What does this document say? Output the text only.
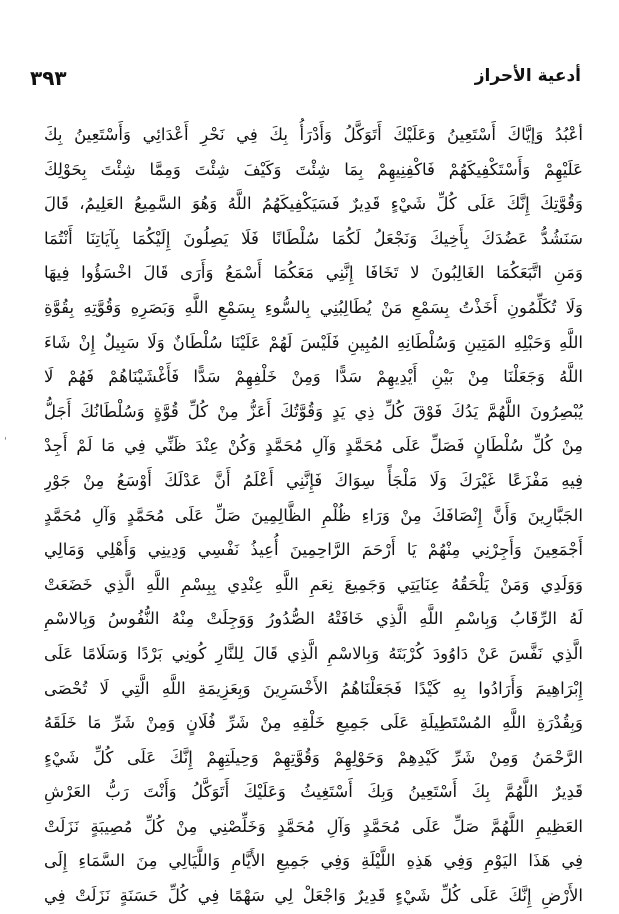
٣٩٣	أدعية الأحراز
'
أعْبُدُ وَإيَّاكَ أَسْتَعِينُ وَعَلَيْكَ أَتَوَكَّلُ وَأَدْرَأُ بِكَ فِي نَحْرِ أَعْدَائِي وَأَسْتَعِينُ بِكَ
عَلَيْهِمْ وَأَسْتَكْفِيكَهُمْ فَاكْفِنِيهِمْ بِمَا شِئْتَ وَكَيْفَ شِئْتَ وَمِمَّا شِئْتَ بِحَوْلِكَ
وَقُوَّتِكَ إِنَّكَ عَلَى كُلِّ شَيْءٍ قَدِيرٌ فَسَيَكْفِيكَهُمُ اللَّهُ وَهُوَ السَّمِيعُ العَلِيمُ، قَالَ
سَنَشُدُّ عَضُدَكَ بِأَخِيكَ وَنَجْعَلُ لَكُمَا سُلْطَانًا فَلَا يَصِلُونَ إِلَيْكُمَا بِآيَاتِنَا أَنْتُمَا
وَمَنِ اتَّبَعَكُمَا الغَالِبُونَ لا تَخَافَا إِنَّنِي مَعَكُمَا أَسْمَعُ وَأَرَى قَالَ اخْسَؤُوا فِيهَا
وَلَا تُكَلِّمُونِ أَخَذْتُ بِسَمْعِ مَنْ يُطَالِبُنِي بِالسُّوءِ بِسَمْعِ اللَّهِ وَبَصَرِهِ وَقُوَّتِهِ بِقُوَّةِ
اللَّهِ وَحَبْلِهِ المَتِينِ وَسُلْطَانِهِ المُبِينِ فَلَيْسَ لَهُمْ عَلَيْنَا سُلْطَانٌ وَلَا سَبِيلٌ إِنْ شَاءَ
اللَّهُ وَجَعَلْنَا مِنْ بَيْنِ أَيْدِيهِمْ سَدًّا وَمِنْ خَلْفِهِمْ سَدًّا فَأَغْشَيْنَاهُمْ فَهُمْ لَا
يُبْصِرُونَ اللَّهُمَّ يَدُكَ فَوْقَ كُلِّ ذِي يَدٍ وَقُوَّتُكَ أَعَزُّ مِنْ كُلِّ قُوَّةٍ وَسُلْطَانُكَ أَجَلُّ
مِنْ كُلِّ سُلْطَانٍ فَصَلِّ عَلَى مُحَمَّدٍ وَآلِ مُحَمَّدٍ وَكُنْ عِنْدَ ظَنِّي فِي مَا لَمْ أَجِدْ
فِيهِ مَفْزَعًا غَيْرَكَ وَلَا مَلْجَأً سِوَاكَ فَإِنَّنِي أَعْلَمُ أَنَّ عَدْلَكَ أَوْسَعُ مِنْ جَوْرِ
الجَبَّارِينَ وَأَنَّ إِنْصَافَكَ مِنْ وَرَاءِ ظُلْمِ الظَّالِمِينَ صَلِّ عَلَى مُحَمَّدٍ وَآلِ مُحَمَّدٍ
أَجْمَعِينَ وَأَجِرْنِي مِنْهُمْ يَا أَرْحَمَ الرَّاحِمِينَ أُعِيذُ نَفْسِي وَدِينِي وَأَهْلِي وَمَالِي
وَوَلَدِي وَمَنْ يَلْحَقُهُ عِنَايَتِي وَجَمِيعَ نِعَمِ اللَّهِ عِنْدِي بِبِسْمِ اللَّهِ الَّذِي خَضَعَتْ
لَهُ الرِّقَابُ وَبِاسْمِ اللَّهِ الَّذِي خَافَتْهُ الصُّدُورُ وَوَجِلَتْ مِنْهُ النُّفُوسُ وَبِالاسْمِ
الَّذِي نَفَّسَ عَنْ دَاوُودَ كُرْبَتَهُ وَبِالاسْمِ الَّذِي قَالَ لِلنَّارِ كُونِي بَرْدًا وَسَلَامًا عَلَى
إِبْرَاهِيمَ وَأَرَادُوا بِهِ كَيْدًا فَجَعَلْنَاهُمُ الأَخْسَرِينَ وَبِعَزِيمَةِ اللَّهِ الَّتِي لَا تُحْصَى
وَبِقُدْرَةِ اللَّهِ المُسْتَطِيلَةِ عَلَى جَمِيعِ خَلْقِهِ مِنْ شَرِّ فُلَانٍ وَمِنْ شَرِّ مَا خَلَقَهُ
الرَّحْمَنُ وَمِنْ شَرِّ كَيْدِهِمْ وَحَوْلِهِمْ وَقُوَّتِهِمْ وَحِيلَتِهِمْ إِنَّكَ عَلَى كُلِّ شَيْءٍ
قَدِيرٌ اللَّهُمَّ بِكَ أَسْتَعِينُ وَبِكَ أَسْتَغِيثُ وَعَلَيْكَ أَتَوَكَّلُ وَأَنْتَ رَبُّ العَرْشِ
العَظِيمِ اللَّهُمَّ صَلِّ عَلَى مُحَمَّدٍ وَآلِ مُحَمَّدٍ وَخَلِّصْنِي مِنْ كُلِّ مُصِيبَةٍ نَزَلَتْ
فِي هَذَا اليَوْمِ وَفِي هَذِهِ اللَّيْلَةِ وَفِي جَمِيعِ الأَيَّامِ وَاللَّيَالِي مِنَ السَّمَاءِ إِلَى
الأَرْضِ إِنَّكَ عَلَى كُلِّ شَيْءٍ قَدِيرٌ وَاجْعَلْ لِي سَهْمًا فِي كُلِّ حَسَنَةٍ نَزَلَتْ فِي
